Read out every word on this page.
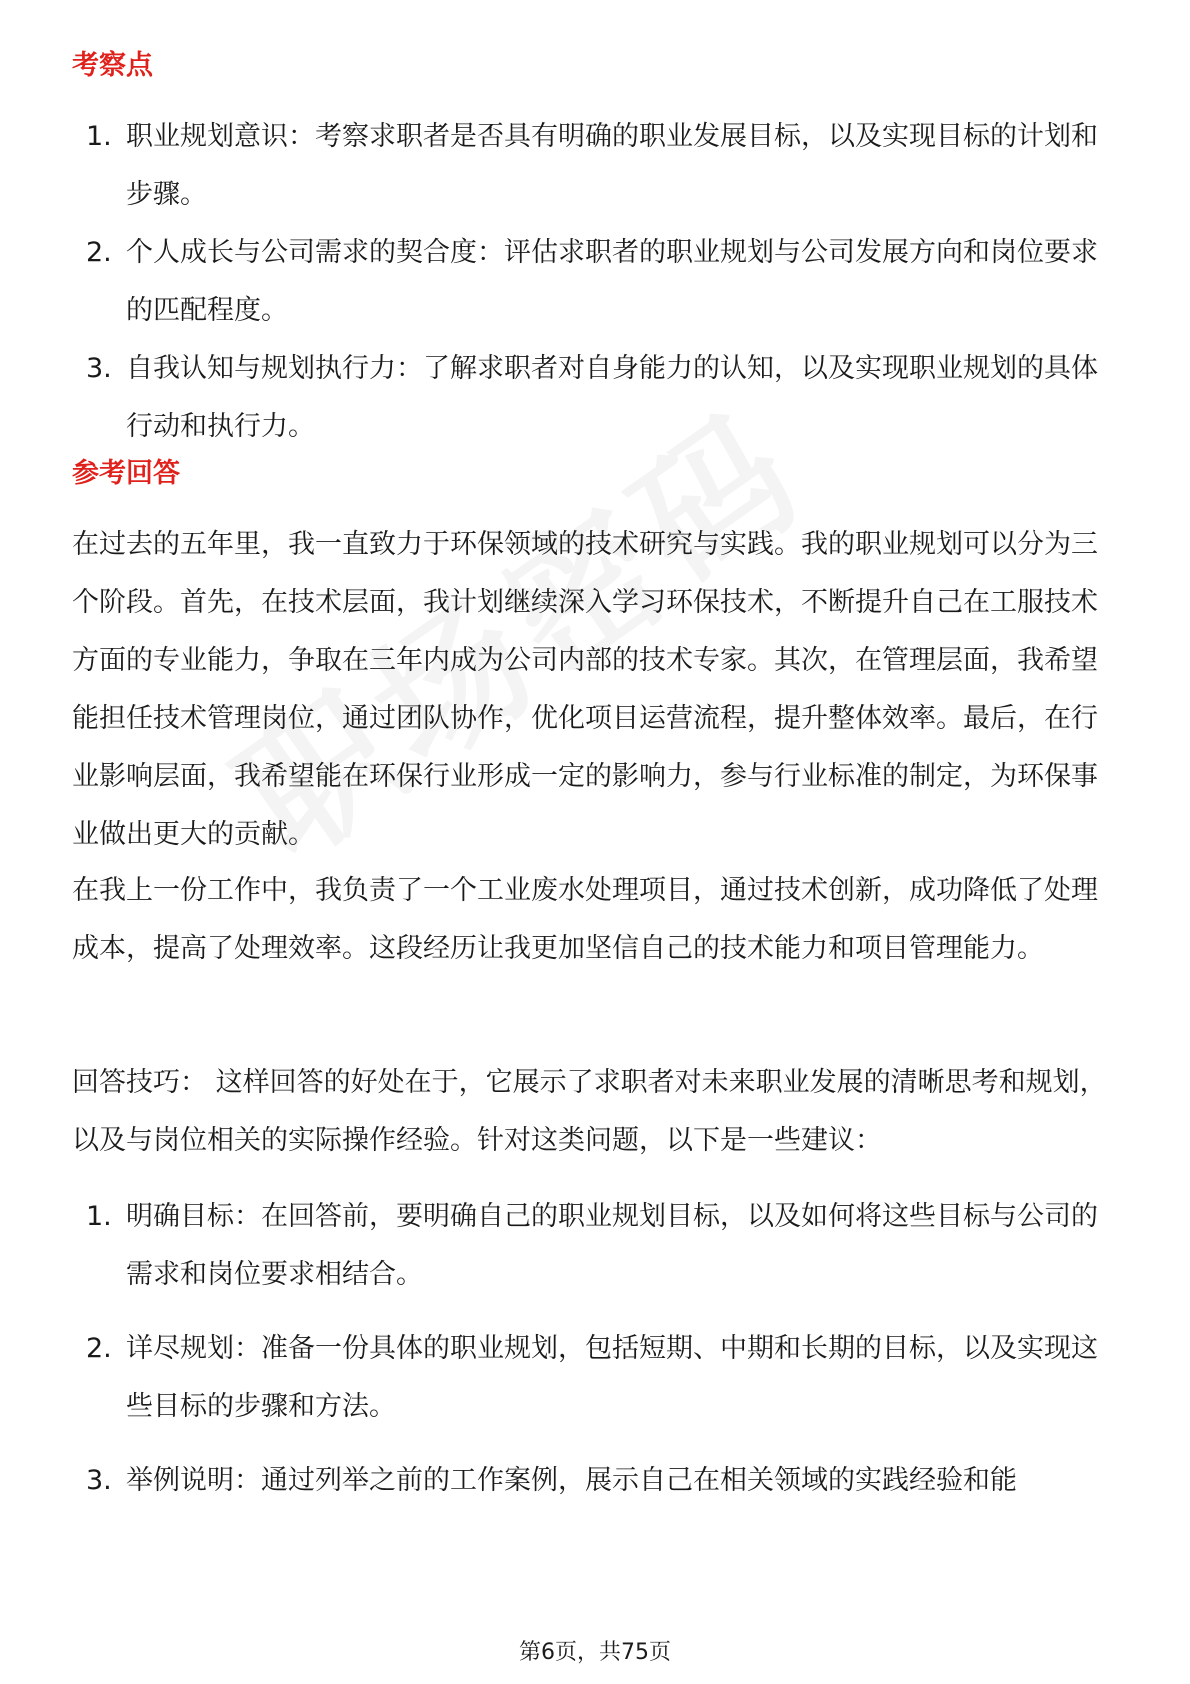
考察点
1. 职业规划意识：考察求职者是否具有明确的职业发展目标，以及实现目标的计划和步骤。
2. 个人成长与公司需求的契合度：评估求职者的职业规划与公司发展方向和岗位要求的匹配程度。
3. 自我认知与规划执行力：了解求职者对自身能力的认知，以及实现职业规划的具体行动和执行力。
参考回答

在过去的五年里，我一直致力于环保领域的技术研究与实践。我的职业规划可以分为三个阶段。首先，在技术层面，我计划继续深入学习环保技术，不断提升自己在工服技术方面的专业能力，争取在三年内成为公司内部的技术专家。其次，在管理层面，我希望能担任技术管理岗位，通过团队协作，优化项目运营流程，提升整体效率。最后，在行业影响层面，我希望能在环保行业形成一定的影响力，参与行业标准的制定，为环保事业做出更大的贡献。

在我上一份工作中，我负责了一个工业废水处理项目，通过技术创新，成功降低了处理成本，提高了处理效率。这段经历让我更加坚信自己的技术能力和项目管理能力。

回答技巧： 这样回答的好处在于，它展示了求职者对未来职业发展的清晰思考和规划，以及与岗位相关的实际操作经验。针对这类问题，以下是一些建议：

1. 明确目标：在回答前，要明确自己的职业规划目标，以及如何将这些目标与公司的需求和岗位要求相结合。
2. 详尽规划：准备一份具体的职业规划，包括短期、中期和长期的目标，以及实现这些目标的步骤和方法。
3. 举例说明：通过列举之前的工作案例，展示自己在相关领域的实践经验和能
第6页，共75页
